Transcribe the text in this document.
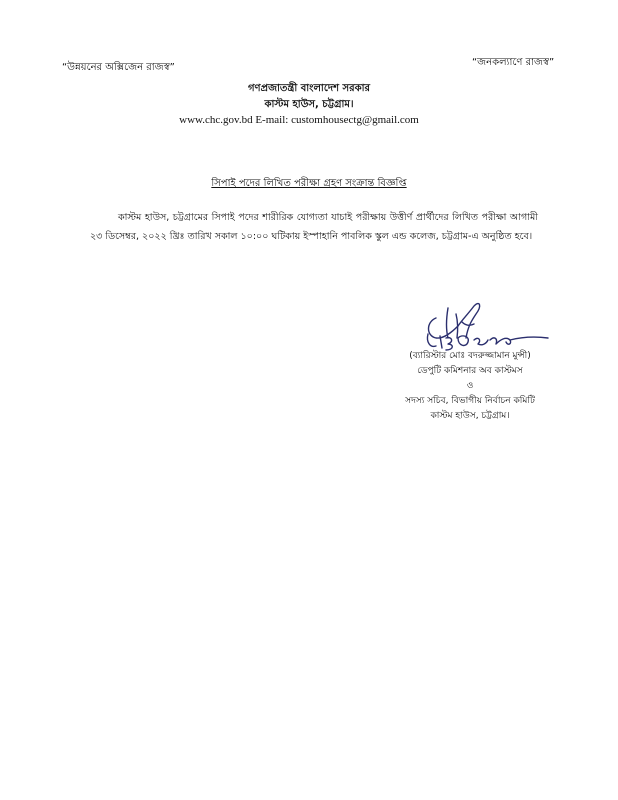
“উন্নয়নের অক্সিজেন রাজস্ব”	“জনকল্যাণে রাজস্ব”
গণপ্রজাতন্ত্রী বাংলাদেশ সরকার
কাস্টম হাউস, চট্টগ্রাম।
www.chc.gov.bd E-mail: customhousectg@gmail.com
সিপাই পদের লিখিত পরীক্ষা গ্রহণ সংক্রান্ত বিজ্ঞপ্তি

কাস্টম হাউস, চট্টগ্রামের সিপাই পদের শারীরিক যোগ্যতা যাচাই পরীক্ষায় উত্তীর্ণ প্রার্থীদের লিখিত পরীক্ষা আগামী ২৩ ডিসেম্বর, ২০২২ খ্রিঃ তারিখ সকাল ১০:০০ ঘটিকায় ইস্পাহানি পাবলিক স্কুল এন্ড কলেজ, চট্টগ্রাম-এ অনুষ্ঠিত হবে।

(ব্যারিস্টার মোঃ বদরুজ্জামান মুন্সী)
ডেপুটি কমিশনার অব কাস্টমস
ও
সদস্য সচিব, বিভাগীয় নির্বাচন কমিটি
কাস্টম হাউস, চট্টগ্রাম।
